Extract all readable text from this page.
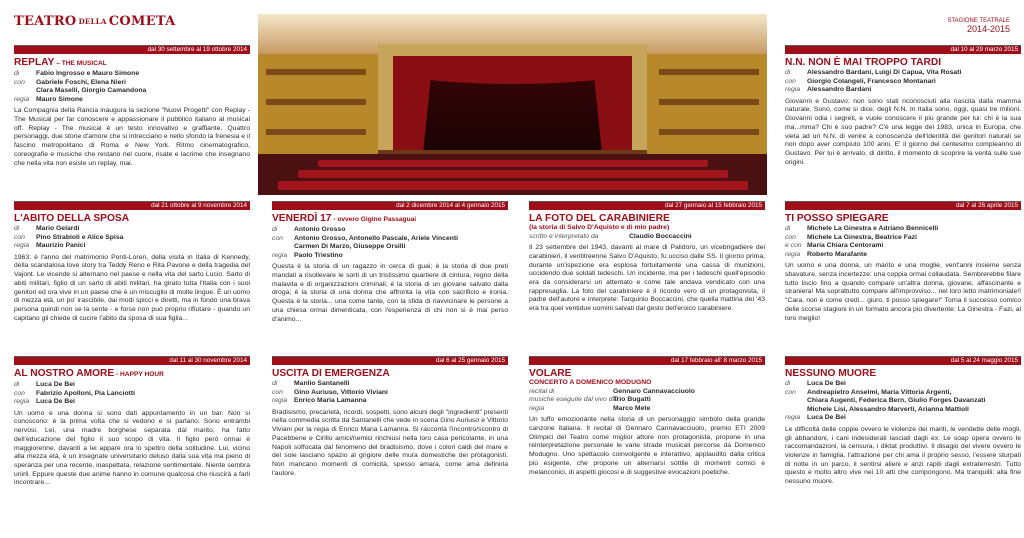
TEATRO DELLA COMETA	STAGIONE TEATRALE
2014-2015
dal 30 settembre al 19 ottobre 2014
REPLAY – THE MUSICAL
di	Fabio Ingrosso e Mauro Simone
con	Gabriele Foschi, Elena Nieri
Clara Maselli, Giorgio Camandona
regia	Mauro Simone
La Compagnia della Rancia inaugura la sezione "Nuovi Progetti" con Replay - The Musical per far conoscere e appassionare il pubblico italiano al musical off. Replay - The musical è un testo innovativo e graffiante. Quattro personaggi, due storie d'amore che si intrecciano e nello sfondo la frenesia e il fascino metropolitano di Roma e New York. Ritmo cinematografico, coreografie e musiche che restano nel cuore, risate e lacrime che insegnano che nella vita non esiste un replay, mai.
dal 10 al 29 marzo 2015
N.N. NON È MAI TROPPO TARDI
di	Alessandro Bardani, Luigi Di Capua, Vita Rosati
con	Giorgio Colangeli, Francesco Montanari
regia	Alessandro Bardani
Giovanni e Gustavo: non sono stati riconosciuti alla nascita dalla mamma naturale. Sono, come si dice, degli N.N. In Italia sono, oggi, quasi tre milioni. Giovanni odia i segreti, e vuole conoscere il più grande per lui: chi è la sua ma...mma? Chi è suo padre? C'è una legge del 1983, unica in Europa, che vieta ad un N.N. di venire a conoscenza dell'identità dei genitori naturali se non dopo aver compiuto 100 anni. E' il giorno del centesimo compleanno di Gustavo. Per lui è arrivato, di diritto, il momento di scoprire la verità sulle sue origini.
dal 21 ottobre al 9 novembre 2014
L'ABITO DELLA SPOSA
di	Mario Gelardi
con	Pino Strabioli e Alice Spisa
regia	Maurizio Panici
1963: è l'anno del matrimonio Ponti-Loren, della visita in Italia di Kennedy, della scandalosa love story tra Teddy Reno e Rita Pavone e della tragedia del Vajont. Le vicende si alternano nel paese e nella vita del sarto Lucio. Sarto di abiti militari, figlio di un sarto di abiti militari, ha girato tutta l'Italia con i suoi genitori ed ora vive in un paese che è un miscuglio di molte lingue. È un uomo di mezza età, un po' irascibile, dai modi spicci e diretti, ma in fondo una brava persona quindi non se la sente - e forse non può proprio rifiutare - quando un capitano gli chiede di cucire l'abito da sposa di sua figlia...
dal 2 dicembre 2014 al 4 gennaio 2015
VENERDÌ 17 - ovvero Gigino Passaguai
di	Antonio Grosso
con	Antonio Grosso, Antonello Pascale, Ariele Vincenti
Carmen Di Marzo, Giuseppe Orsilli
regia	Paolo Triestino
Questa è la storia di un ragazzo in cerca di guai; è la storia di due preti mandati a risollevare le sorti di un tristissimo quartiere di cintura, regno della malavita e di organizzazioni criminali; è la storia di un giovane salvato dalla droga; è la storia di una donna che affronta la vita con sacrificio e ironia. Questa è la storia... una come tante, con la sfida di riavvicinare le persone a una chiesa ormai dimenticata, con l'esperienza di chi non si è mai perso d'animo...
dal 27 gennaio al 15 febbraio 2015
LA FOTO DEL CARABINIERE
(la storia di Salvo D'Aquisto e di mio padre)
scritto e interpretato da	Claudio Boccaccini
Il 23 settembre del 1943, davanti al mare di Palidoro, un vicebrigadiere dei carabinieri, il ventitreenne Salvo D'Aquisto, fu ucciso dalle SS. Il giorno prima, durante un'ispezione era esplosa fortuitamente una cassa di munizioni, uccidendo due soldati tedeschi. Un incidente, ma per i tedeschi quell'episodio era da considerarsi un attentato e come tale andava vendicato con una rappresaglia. La foto del carabiniere è il ricordo vero di un protagonista, il padre dell'autore e interprete: Tarquinio Boccaccini, che quella mattina del '43 era tra quei ventidue uomini salvati dal gesto dell'eroico carabiniere.
dal 7 al 26 aprile 2015
TI POSSO SPIEGARE
di	Michele La Ginestra e Adriano Bennicelli
con	Michele La Ginestra, Beatrice Fazi
e con Maria Chiara Centorami
regia	Roberto Marafante
Un uomo e una donna, un marito e una moglie, vent'anni insieme senza sbavature, senza incertezze: una coppia ormai collaudata. Sembrerebbe filare tutto liscio fino a quando compare un'altra donna, giovane, affascinante e straniera! Ma soprattutto compare all'improvviso... nel loro letto matrimoniale!! "Cara, non è come credi... giuro, ti posso spiegare!" Torna il successo comico delle scorse stagioni in un formato ancora più divertente: La Ginestra - Fazi, al loro meglio!
dal 11 al 30 novembre 2014
AL NOSTRO AMORE - HAPPY HOUR
di	Luca De Bei
con	Fabrizio Apolloni, Pia Lanciotti
regia	Luca De Bei
Un uomo e una donna si sono dati appuntamento in un bar. Non si conoscono: è la prima volta che si vedono e si parlano. Sono entrambi nervosi. Lei, una madre borghese separata dal marito, ha fatto dell'educazione del figlio il suo scopo di vita. Il figlio però ormai è maggiorenne, davanti a lei appare ora lo spettro della solitudine. Lui, vicino alla mezza età, è un insegnate universitario deluso dalla sua vita ma pieno di speranza per una recente, inaspettata, relazione sentimentale. Niente sembra unirli. Eppure queste due anime hanno in comune qualcosa che riuscirà a farli incontrare...
dal 6 al 25 gennaio 2015
USCITA DI EMERGENZA
di	Manlio Santanelli
con	Gino Auriuso, Vittorio Viviani
regia	Enrico Maria Lamanna
Bradisismo, precarietà, ricordi, sospetti, sono alcuni degli "ingredienti" presenti nella commedia scritta da Santanelli che vede in scena Gino Auriuso e Vittorio Viviani per la regia di Enrico Maria Lamanna. Si racconta l'incontro/scontro di Pacebbene e Cirillo amici/nemici rinchiusi nella loro casa pericolante, in una Napoli soffocata dal fenomeno del bradisismo, dove i colori caldi del mare e del sole lasciano spazio al grigiore delle mura domestiche dei protagonisti. Non mancano momenti di comicità, spesso amara, come ama definirla l'autore.
dal 17 febbraio all' 8 marzo 2015
VOLARE
CONCERTO A DOMENICO MODUGNO
recital di	Gennaro Cannavacciuolo
musiche eseguite dal vivo dal
Trio Bugatti
regia	Marco Mete
Un tuffo emozionante nella storia di un personaggio simbolo della grande canzone italiana. Il recital di Gennaro Cannavacciuolo, premio ETI 2009 Olimpici del Teatro come miglior attore non protagonista, propone in una reinterpretazione personale le varie strade musicali percorse da Domenico Modugno. Uno spettacolo coinvolgente e interattivo, applaudito dalla critica più esigente, che propone un alternarsi sottile di momenti comici e melanconici, di aspetti giocosi e di suggestive evocazioni poetiche.
dal 5 al 24 maggio 2015
NESSUNO MUORE
di	Luca De Bei
con	Andreapietro Anselmi, Maria Vittoria Argenti,
Chiara Augenti, Federica Bern, Giulio Forges Davanzati
Michele Lisi, Alessandro Marverti, Arianna Mattioli
regia	Luca De Bei
Le difficoltà delle coppie ovvero le violenze dei mariti, le vendette delle mogli, gli abbandoni, i cani indesiderati lasciati dagli ex. Le soap opera ovvero le raccomandazioni, la censura, i diktat produttivi. Il disagio del vivere ovvero le violenze in famiglia, l'attrazione per chi ama il proprio sesso, l'essere sturpati di notte in un parco, il sentirsi alieni e anzi rapiti dagli extraterrestri. Tutto questo e molto altro vive nei 10 atti che compongono. Ma tranquilli: alla fine nessuno muore.
